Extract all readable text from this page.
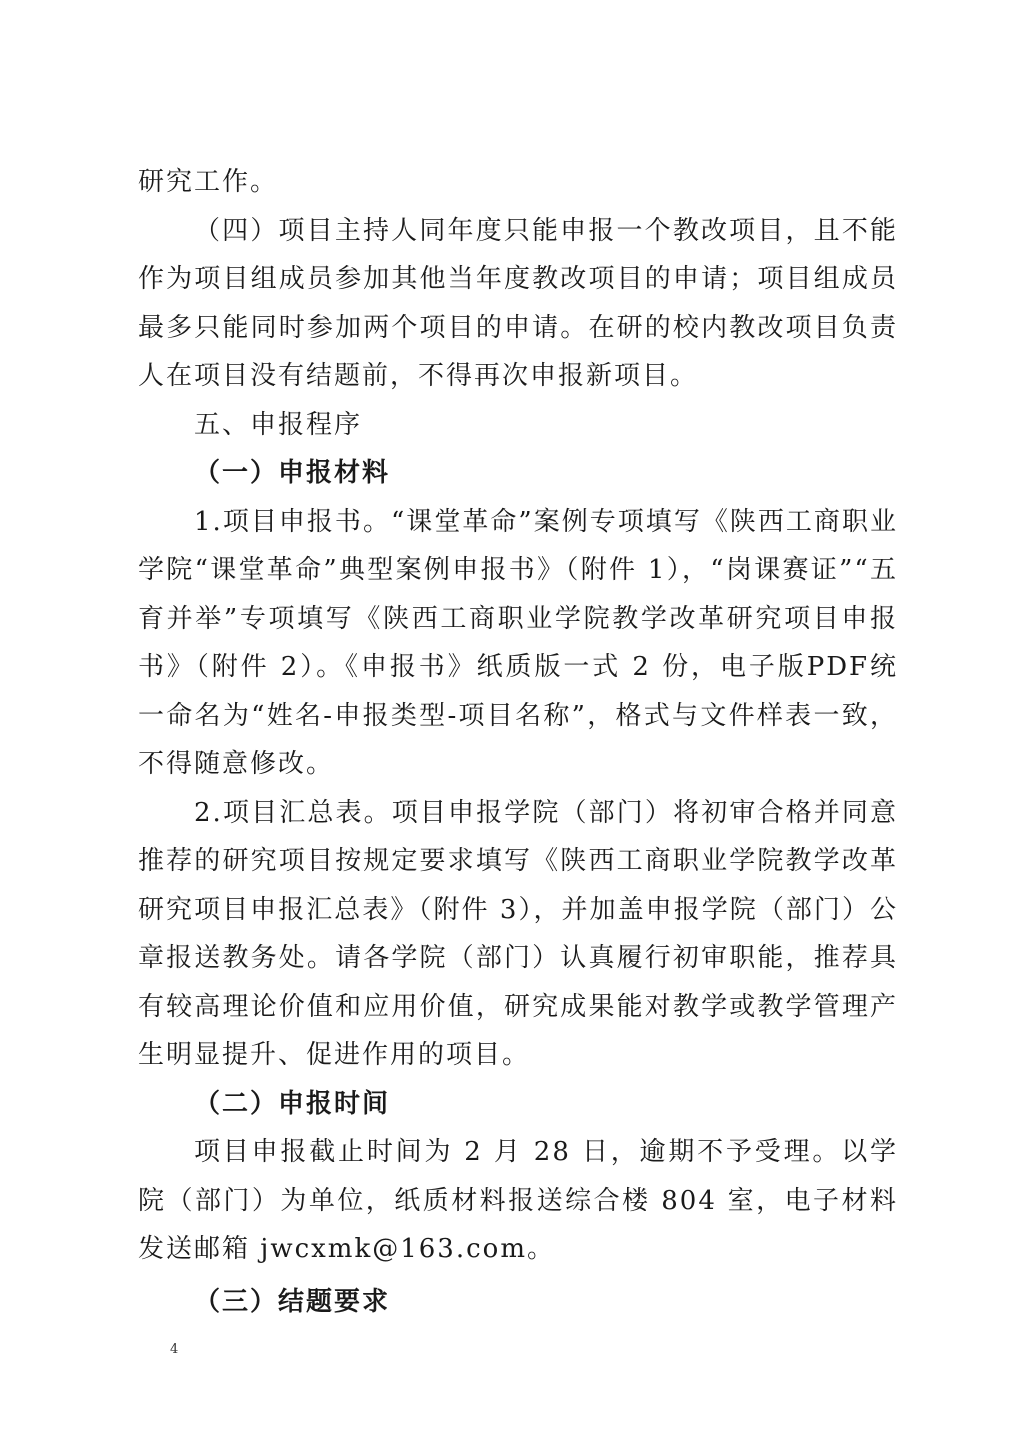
研究工作。

（四）项目主持人同年度只能申报一个教改项目，且不能作为项目组成员参加其他当年度教改项目的申请；项目组成员最多只能同时参加两个项目的申请。在研的校内教改项目负责人在项目没有结题前，不得再次申报新项目。

五、申报程序
（一）申报材料

1.项目申报书。“课堂革命”案例专项填写《陕西工商职业学院“课堂革命”典型案例申报书》（附件 1），“岗课赛证”“五育并举”专项填写《陕西工商职业学院教学改革研究项目申报书》（附件 2）。《申报书》纸质版一式 2 份，电子版PDF统一命名为“姓名-申报类型-项目名称”，格式与文件样表一致，不得随意修改。

2.项目汇总表。项目申报学院（部门）将初审合格并同意推荐的研究项目按规定要求填写《陕西工商职业学院教学改革研究项目申报汇总表》（附件 3），并加盖申报学院（部门）公章报送教务处。请各学院（部门）认真履行初审职能，推荐具有较高理论价值和应用价值，研究成果能对教学或教学管理产生明显提升、促进作用的项目。

（二）申报时间

项目申报截止时间为 2 月 28 日，逾期不予受理。以学院（部门）为单位，纸质材料报送综合楼 804 室，电子材料发送邮箱 jwcxmk@163.com。

（三）结题要求
4
